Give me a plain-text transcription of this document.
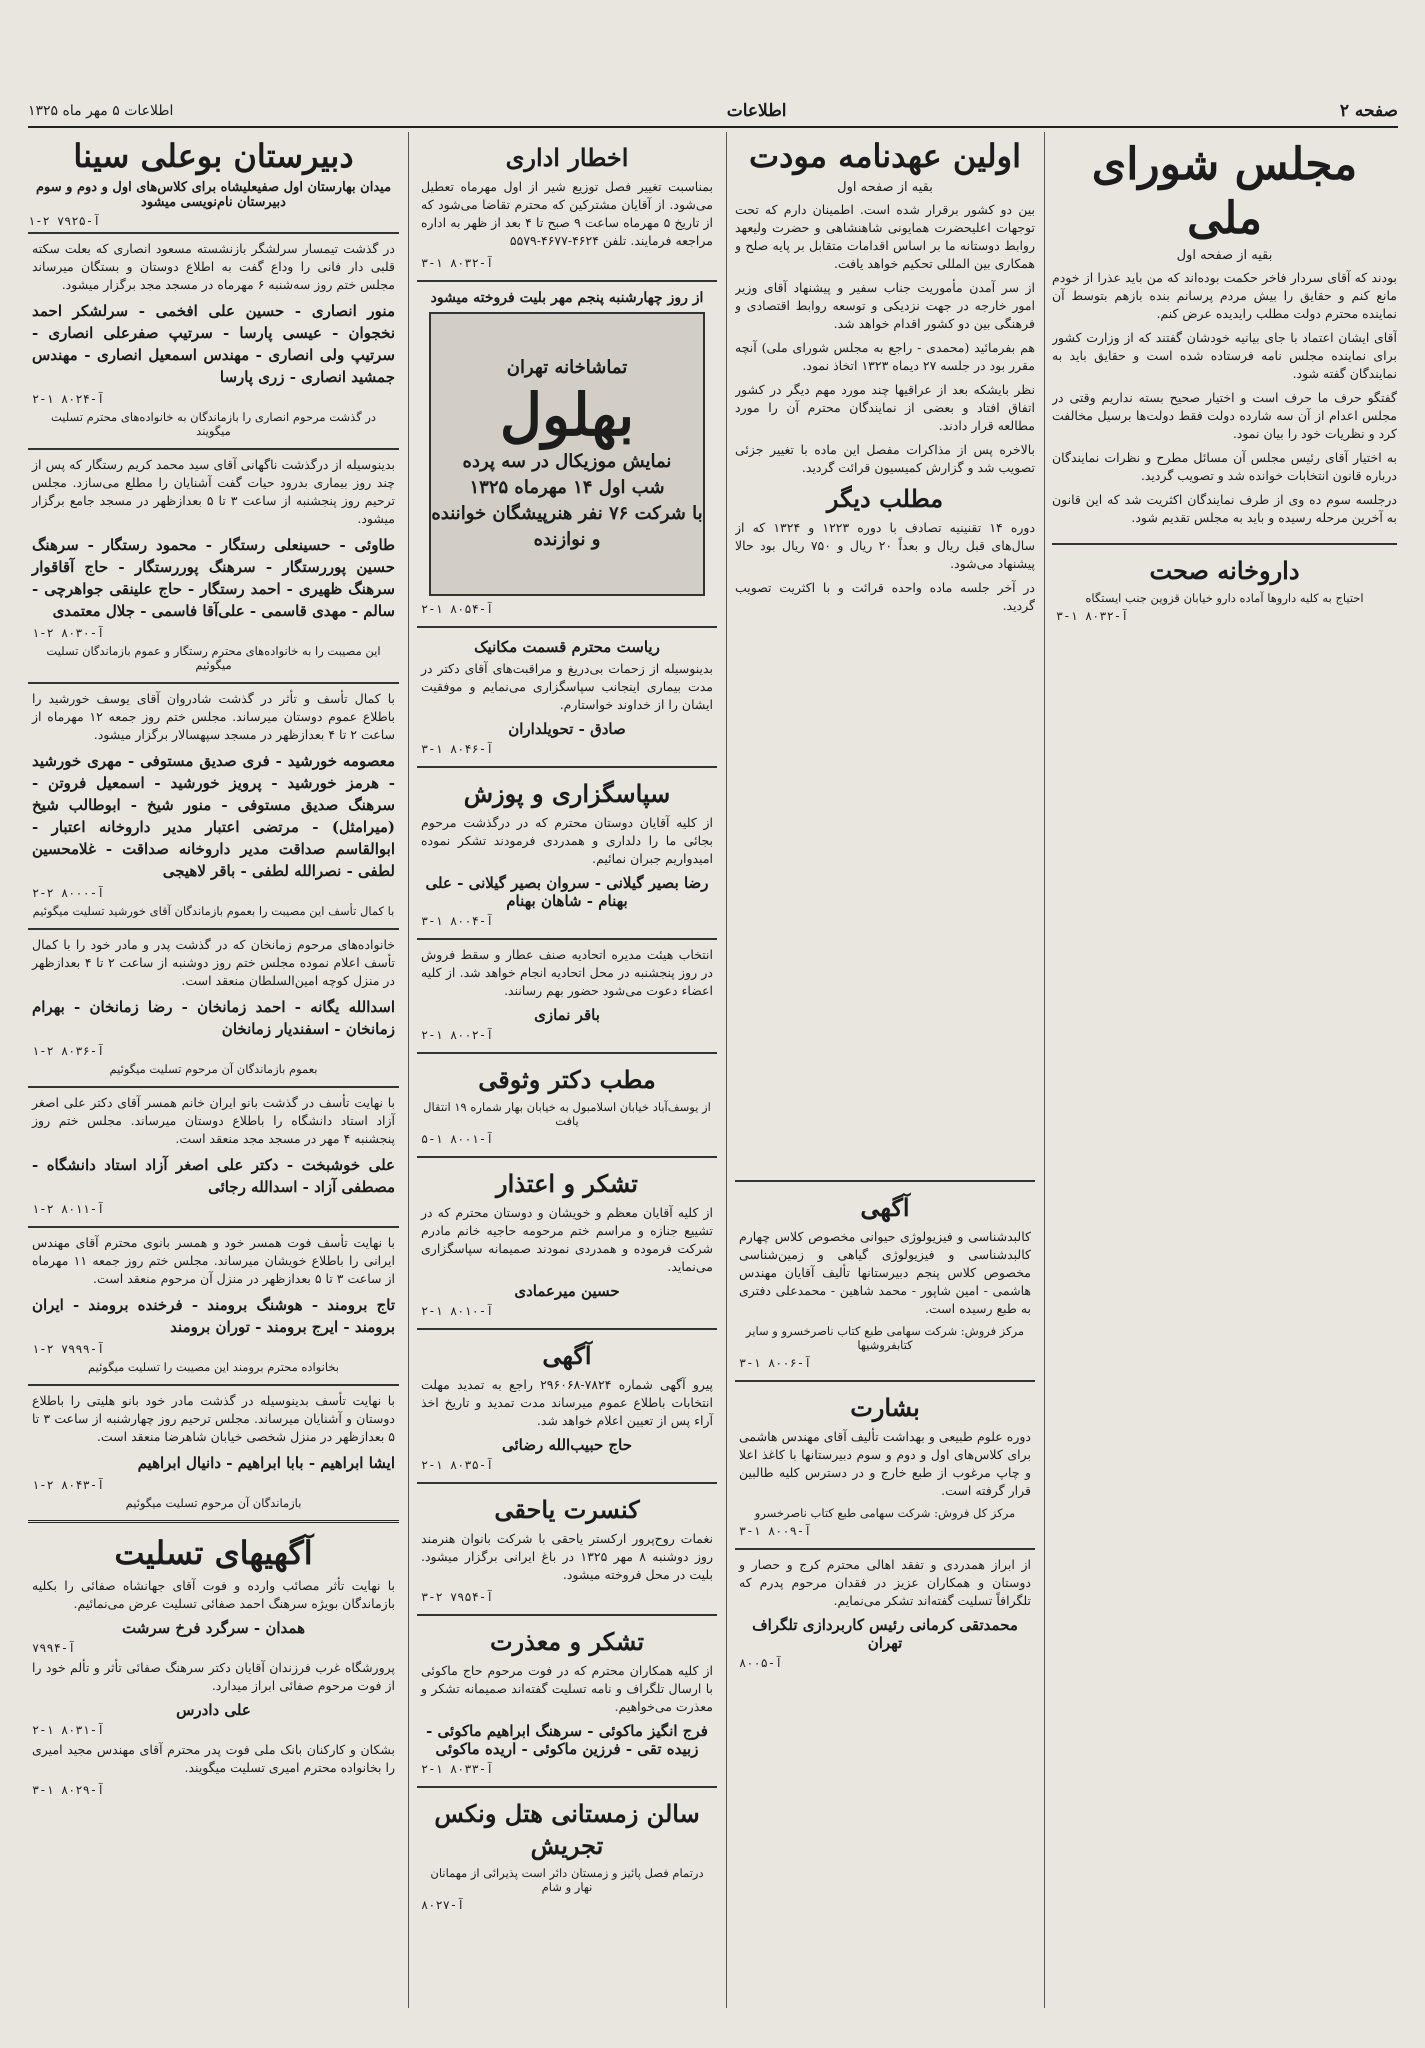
صفحه ۲
اطلاعات
اطلاعات ۵ مهر ماه ۱۳۲۵
مجلس شورای ملی
بقیه از صفحه اول

بودند که آقای سردار فاخر حکمت بوده‌اند که من باید عذرا از خودم مانع کنم و حقایق را بیش مردم پرسانم بنده بازهم بتوسط آن نماینده محترم دولت مطلب رایدیده عرض کنم.

آقای ایشان اعتماد با جای بیانیه خودشان گفتند که از وزارت کشور برای نماینده مجلس نامه فرستاده شده است و حقایق باید به نمایندگان گفته شود.

گفتگو حرف ما حرف است و اختیار صحیح بسته نداریم وقتی در مجلس اعدام از آن سه شارده دولت فقط دولت‌ها برسیل مخالفت کرد و نظریات خود را بیان نمود.

به اختیار آقای رئیس مجلس آن مسائل مطرح و نظرات نمایندگان درباره قانون انتخابات خوانده شد و تصویب گردید.

درجلسه سوم ده‌ وی از طرف نمایندگان اکثریت شد که این قانون به آخرین مرحله رسیده و باید به مجلس تقدیم شود.

داروخانه صحت
احتیاج به کلیه داروها آماده دارو خیابان قزوین جنب ایستگاه
آ-۸۰۳۲ ۱-۳
اولین عهدنامه مودت
بقیه از صفحه اول

بین دو کشور برقرار شده است. اطمینان دارم که تحت توجهات اعلیحضرت همایونی شاهنشاهی و حضرت ولیعهد روابط دوستانه ما بر اساس اقدامات متقابل بر پایه صلح و همکاری بین المللی تحکیم خواهد یافت.

از سر آمدن مأموریت جناب سفیر و پیشنهاد آقای وزیر امور خارجه در جهت نزدیکی و توسعه روابط اقتصادی و فرهنگی بین دو کشور اقدام خواهد شد.

هم بفرمائید (محمدی - راجع به مجلس شورای ملی) آنچه مقرر بود در جلسه ۲۷ دیماه ۱۳۲۳ اتخاذ نمود.

نظر بایشکه بعد از عراقیها چند مورد مهم دیگر در کشور اتفاق افتاد و بعضی از نمایندگان محترم آن را مورد مطالعه قرار دادند.

بالاخره پس از مذاکرات مفصل این ماده با تغییر جزئی تصویب شد و گزارش کمیسیون قرائت گردید.

مطلب دیگر

دوره ۱۴ تقنینیه تصادف با دوره ۱۲۲۳ و ۱۳۲۴ که از سال‌های قبل ریال و بعداً ۲۰ ریال و ۷۵۰ ریال بود حالا پیشنهاد می‌شود.

در آخر جلسه ماده واحده قرائت و با اکثریت تصویب گردید.

آگهی

کالبدشناسی و فیزیولوژی حیوانی مخصوص کلاس چهارم کالبدشناسی و فیزیولوژی گیاهی و زمین‌شناسی مخصوص کلاس پنجم دبیرستانها تألیف آقایان مهندس هاشمی - امین شاپور - محمد شاهین - محمدعلی دفتری به طبع رسیده است.

مرکز فروش: شرکت سهامی طبع کتاب ناصرخسرو و سایر کتابفروشیها
آ-۸۰۰۶ ۱-۳
بشارت

دوره علوم طبیعی و بهداشت تألیف آقای مهندس هاشمی برای کلاس‌های اول و دوم و سوم دبیرستانها با کاغذ اعلا و چاپ مرغوب از طبع خارج و در دسترس کلیه طالبین قرار گرفته است.

مرکز کل فروش: شرکت سهامی طبع کتاب ناصرخسرو
آ-۸۰۰۹ ۱-۳

از ابراز همدردی و تفقد اهالی محترم کرج و حصار و دوستان و همکاران عزیز در فقدان مرحوم پدرم که تلگرافاً تسلیت گفته‌اند تشکر می‌نمایم.

محمدتقی کرمانی رئیس کاربردازی تلگراف تهران
آ-۸۰۰۵
اخطار اداری

بمناسبت تغییر فصل توزیع شیر از اول مهرماه تعطیل می‌شود. از آقایان مشترکین که محترم تقاضا می‌شود که از تاریخ ۵ مهرماه ساعت ۹ صبح تا ۴ بعد از ظهر به اداره مراجعه فرمایند. تلفن ۴۶۲۴-۴۶۷۷-۵۵۷۹

آ-۸۰۳۲ ۱-۳
از روز چهارشنبه پنجم مهر بلیت فروخته میشود
تماشاخانه تهران
بهلول
نمایش موزیکال در سه پرده
شب اول ۱۴ مهرماه ۱۳۲۵
با شرکت ۷۶ نفر هنرپیشگان خواننده و نوازنده
آ-۸۰۵۴ ۱-۲
ریاست محترم قسمت مکانیک

بدینوسیله از زحمات بی‌دریغ و مراقبت‌های آقای دکتر در مدت بیماری اینجانب سپاسگزاری می‌نمایم و موفقیت ایشان را از خداوند خواستارم.

صادق - تحویلداران
آ-۸۰۴۶ ۱-۳
سپاسگزاری و پوزش

از کلیه آقایان دوستان محترم که در درگذشت مرحوم بجائی ما را دلداری و همدردی فرمودند تشکر نموده امیدواریم جبران نمائیم.

رضا بصیر گیلانی - سروان بصیر گیلانی - علی بهنام - شاهان بهنام
آ-۸۰۰۴ ۱-۳

انتخاب هیئت مدیره اتحادیه صنف عطار و سقط فروش در روز پنجشنبه در محل اتحادیه انجام خواهد شد. از کلیه اعضاء دعوت می‌شود حضور بهم رسانند.

باقر نمازی
آ-۸۰۰۲ ۱-۲
مطب دکتر وثوقی
از یوسف‌آباد خیابان اسلامبول به خیابان بهار شماره ۱۹ انتقال یافت
آ-۸۰۰۱ ۱-۵
تشکر و اعتذار

از کلیه آقایان معظم و خویشان و دوستان محترم که در تشییع جنازه و مراسم ختم مرحومه حاجیه خانم مادرم شرکت فرموده و همدردی نمودند صمیمانه سپاسگزاری می‌نماید.

حسین میرعمادی
آ-۸۰۱۰ ۱-۲
آگهی

پیرو آگهی شماره ۷۸۲۴-۲۹۶۰۶۸ راجع به تمدید مهلت انتخابات باطلاع عموم میرساند مدت تمدید و تاریخ اخذ آراء پس از تعیین اعلام خواهد شد.

حاج حبیب‌الله رضائی
آ-۸۰۳۵ ۱-۲
کنسرت یاحقی

نغمات روح‌پرور ارکستر یاحقی با شرکت بانوان هنرمند روز دوشنبه ۸ مهر ۱۳۲۵ در باغ ایرانی برگزار میشود. بلیت در محل فروخته میشود.

آ-۷۹۵۴ ۲-۳
تشکر و معذرت

از کلیه همکاران محترم که در فوت مرحوم حاج ماکوئی با ارسال تلگراف و نامه تسلیت گفته‌اند صمیمانه تشکر و معذرت می‌خواهیم.

فرج انگیز ماکوئی - سرهنگ ابراهیم ماکوئی - زبیده تقی - فرزین ماکوئی - اریده ماکوئی
آ-۸۰۳۳ ۱-۲
سالن زمستانی هتل ونکس تجریش
درتمام فصل پائیز و زمستان دائر است پذیرائی از مهمانان نهار و شام
آ-۸۰۲۷
دبیرستان بوعلی سینا
میدان بهارستان اول صفیعلیشاه برای کلاس‌های اول و دوم و سوم دبیرستان نام‌نویسی میشود
آ-۷۹۲۵ ۲-۱

در گذشت تیمسار سرلشگر بازنشسته مسعود انصاری که بعلت سکته قلبی دار فانی را وداع گفت به اطلاع دوستان و بستگان میرساند مجلس ختم روز سه‌شنبه ۶ مهرماه در مسجد مجد برگزار میشود.

منور انصاری - حسین علی افخمی - سرلشکر احمد نخجوان - عیسی پارسا - سرتیپ صفرعلی انصاری - سرتیپ ولی انصاری - مهندس اسمعیل انصاری - مهندس جمشید انصاری - زری پارسا
آ-۸۰۲۴ ۱-۲
در گذشت مرحوم انصاری را بازماندگان به خانواده‌های محترم تسلیت میگویند

بدینوسیله از درگذشت ناگهانی آقای سید محمد کریم رستگار که پس از چند روز بیماری بدرود حیات گفت آشنایان را مطلع می‌سازد. مجلس ترحیم روز پنجشنبه از ساعت ۳ تا ۵ بعدازظهر در مسجد جامع برگزار میشود.

طاوئی - حسینعلی رستگار - محمود رستگار - سرهنگ حسین پوررستگار - سرهنگ پوررستگار - حاج آقاقوار سرهنگ ظهیری - احمد رستگار - حاج علینقی جواهرچی - سالم - مهدی قاسمی - علی‌آقا فاسمی - جلال معتمدی
آ-۸۰۳۰ ۲-۱
این مصیبت را به خانواده‌های محترم رستگار و عموم بازماندگان تسلیت میگوئیم

با کمال تأسف و تأثر در گذشت شادروان آقای یوسف خورشید را باطلاع عموم دوستان میرساند. مجلس ختم روز جمعه ۱۲ مهرماه از ساعت ۲ تا ۴ بعدازظهر در مسجد سپهسالار برگزار میشود.

معصومه خورشید - فری صدیق مستوفی - مهری خورشید - هرمز خورشید - پرویز خورشید - اسمعیل فروتن - سرهنگ صدیق مستوفی - منور شیخ - ابوطالب شیخ (میرامثل) - مرتضی اعتبار مدیر داروخانه اعتبار - ابوالقاسم صداقت مدیر داروخانه صداقت - غلامحسین لطفی - نصرالله لطفی - باقر لاهیجی
آ-۸۰۰۰ ۲-۲
با کمال تأسف این مصیبت را بعموم بازماندگان آقای خورشید تسلیت میگوئیم

خانواده‌های مرحوم زمانخان که در گذشت پدر و مادر خود را با کمال تأسف اعلام نموده مجلس ختم روز دوشنبه از ساعت ۲ تا ۴ بعدازظهر در منزل کوچه امین‌السلطان منعقد است.

اسدالله یگانه - احمد زمانخان - رضا زمانخان - بهرام زمانخان - اسفندیار زمانخان
آ-۸۰۳۶ ۲-۱
بعموم بازماندگان آن مرحوم تسلیت میگوئیم

با نهایت تأسف در گذشت بانو ایران خانم همسر آقای دکتر علی اصغر آزاد استاد دانشگاه را باطلاع دوستان میرساند. مجلس ختم روز پنجشنبه ۴ مهر در مسجد مجد منعقد است.

علی خوشبخت - دکتر علی اصغر آزاد استاد دانشگاه - مصطفی آزاد - اسدالله رجائی
آ-۸۰۱۱ ۲-۱

با نهایت تأسف فوت همسر خود و همسر بانوی محترم آقای مهندس ایرانی را باطلاع خویشان میرساند. مجلس ختم روز جمعه ۱۱ مهرماه از ساعت ۳ تا ۵ بعدازظهر در منزل آن مرحوم منعقد است.

تاج برومند - هوشنگ برومند - فرخنده برومند - ایران برومند - ایرج برومند - توران برومند
آ-۷۹۹۹ ۲-۱
بخانواده محترم برومند این مصیبت را تسلیت میگوئیم

با نهایت تأسف بدینوسیله در گذشت مادر خود بانو هلیتی را باطلاع دوستان و آشنایان میرساند. مجلس ترحیم روز چهارشنبه از ساعت ۳ تا ۵ بعدازظهر در منزل شخصی خیابان شاهرضا منعقد است.

ایشا ابراهیم - بابا ابراهیم - دانیال ابراهیم
آ-۸۰۴۳ ۲-۱
بازماندگان آن مرحوم تسلیت میگوئیم
آگهیهای تسلیت

با نهایت تأثر مصائب وارده و فوت آقای جهانشاه صفائی را بکلیه بازماندگان بویژه سرهنگ احمد صفائی تسلیت عرض می‌نمائیم.

همدان - سرگرد فرخ سرشت
آ-۷۹۹۴

پرورشگاه غرب فرزندان آقایان دکتر سرهنگ صفائی تأثر و تألم خود را از فوت مرحوم صفائی ابراز میدارد.

علی دادرس
آ-۸۰۳۱ ۱-۲

بشکان و کارکنان بانک ملی فوت پدر محترم آقای مهندس مجید امیری را بخانواده محترم امیری تسلیت میگویند.

آ-۸۰۲۹ ۱-۳
